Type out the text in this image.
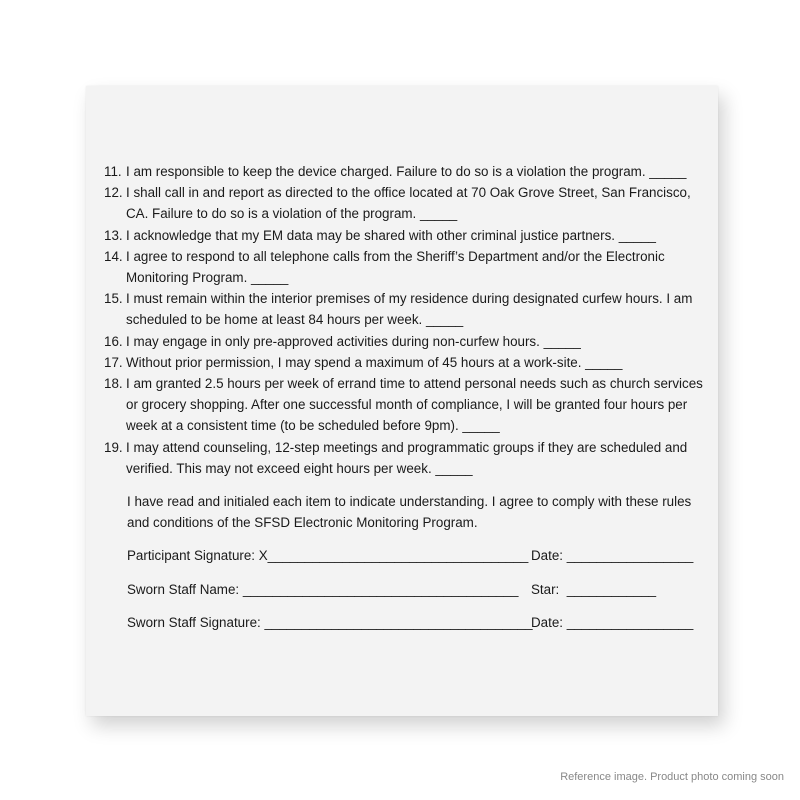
11. I am responsible to keep the device charged. Failure to do so is a violation the program. _____
12. I shall call in and report as directed to the office located at 70 Oak Grove Street, San Francisco, CA. Failure to do so is a violation of the program. _____
13. I acknowledge that my EM data may be shared with other criminal justice partners. _____
14. I agree to respond to all telephone calls from the Sheriff’s Department and/or the Electronic Monitoring Program. _____
15. I must remain within the interior premises of my residence during designated curfew hours. I am scheduled to be home at least 84 hours per week. _____
16. I may engage in only pre-approved activities during non-curfew hours. _____
17. Without prior permission, I may spend a maximum of 45 hours at a work-site. _____
18. I am granted 2.5 hours per week of errand time to attend personal needs such as church services or grocery shopping. After one successful month of compliance, I will be granted four hours per week at a consistent time (to be scheduled before 9pm). _____
19. I may attend counseling, 12-step meetings and programmatic groups if they are scheduled and verified. This may not exceed eight hours per week. _____
I have read and initialed each item to indicate understanding. I agree to comply with these rules and conditions of the SFSD Electronic Monitoring Program.

Participant Signature: X___________________________________

Date: _________________

Sworn Staff Name: _____________________________________

Star:  ____________

Sworn Staff Signature: ____________________________________

Date: _________________

Reference image. Product photo coming soon
